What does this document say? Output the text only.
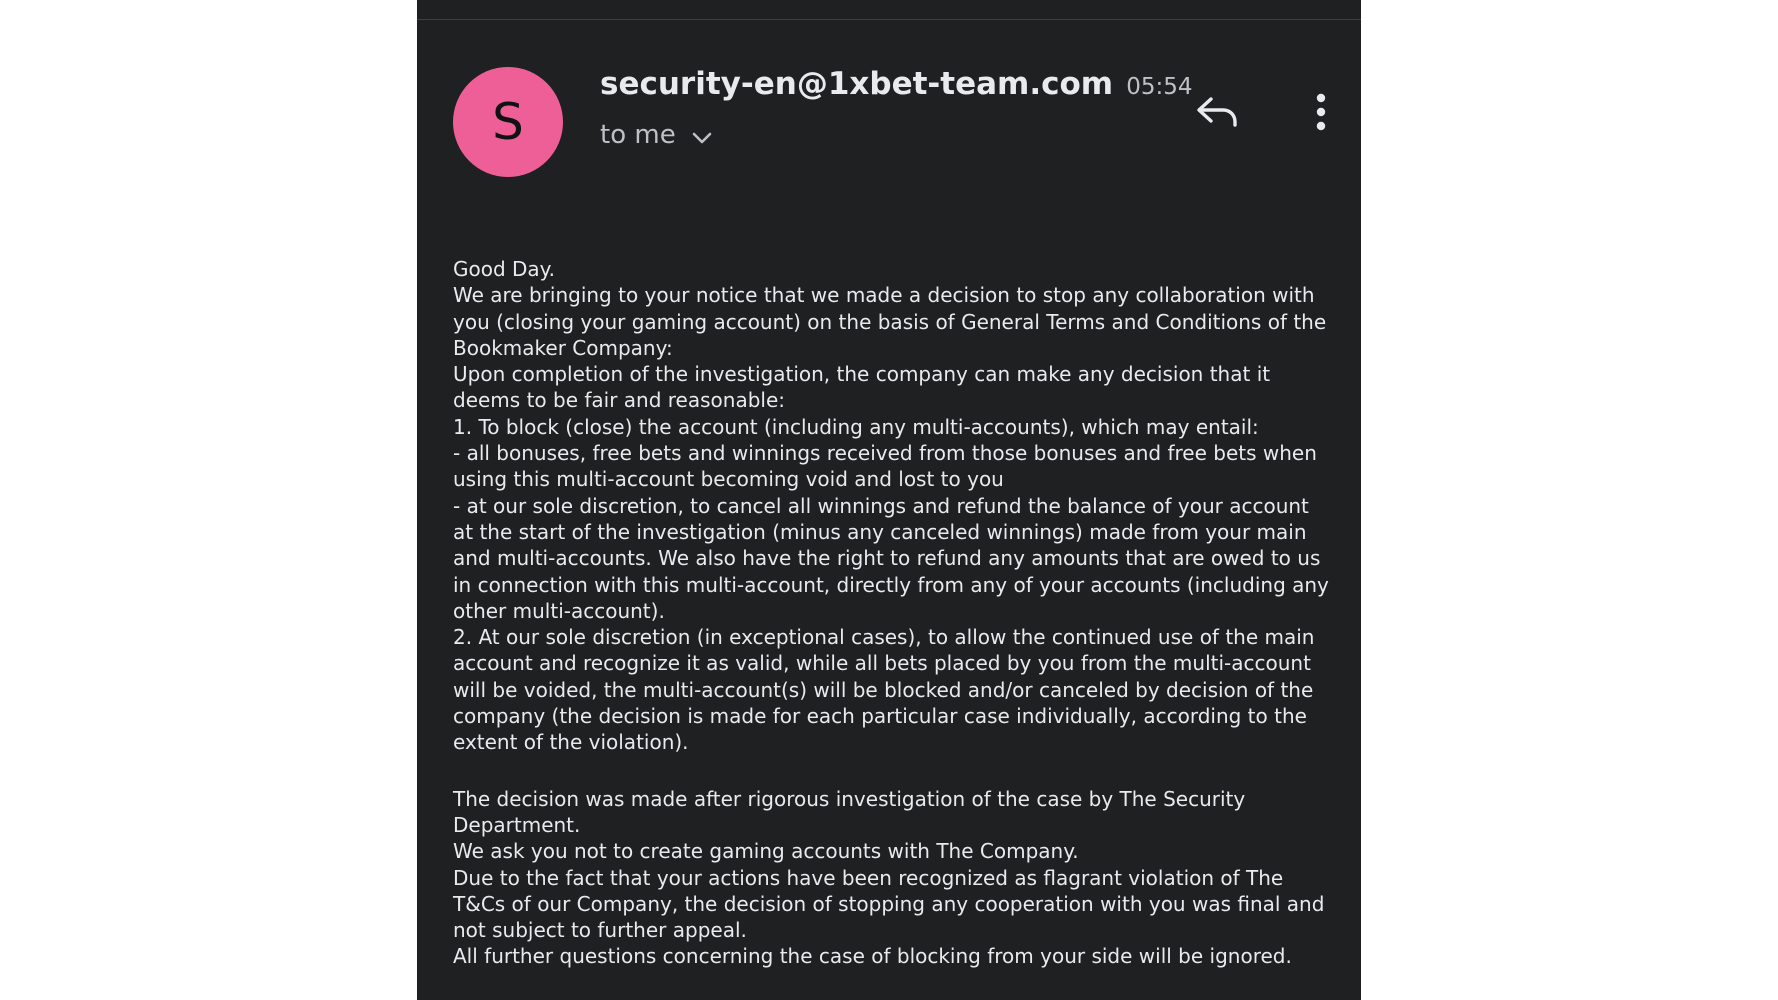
S
security-en@1xbet-team.com 05:54
to me

Good Day.

We are bringing to your notice that we made a decision to stop any collaboration with you (closing your gaming account) on the basis of General Terms and Conditions of the Bookmaker Company:

Upon completion of the investigation, the company can make any decision that it deems to be fair and reasonable:

1. To block (close) the account (including any multi-accounts), which may entail:

- all bonuses, free bets and winnings received from those bonuses and free bets when using this multi-account becoming void and lost to you

- at our sole discretion, to cancel all winnings and refund the balance of your account at the start of the investigation (minus any canceled winnings) made from your main and multi-accounts. We also have the right to refund any amounts that are owed to us in connection with this multi-account, directly from any of your accounts (including any other multi-account).

2. At our sole discretion (in exceptional cases), to allow the continued use of the main account and recognize it as valid, while all bets placed by you from the multi-account will be voided, the multi-account(s) will be blocked and/or canceled by decision of the company (the decision is made for each particular case individually, according to the extent of the violation).

The decision was made after rigorous investigation of the case by The Security Department.

We ask you not to create gaming accounts with The Company.

Due to the fact that your actions have been recognized as flagrant violation of The T&Cs of our Company, the decision of stopping any cooperation with you was final and not subject to further appeal.

All further questions concerning the case of blocking from your side will be ignored.
